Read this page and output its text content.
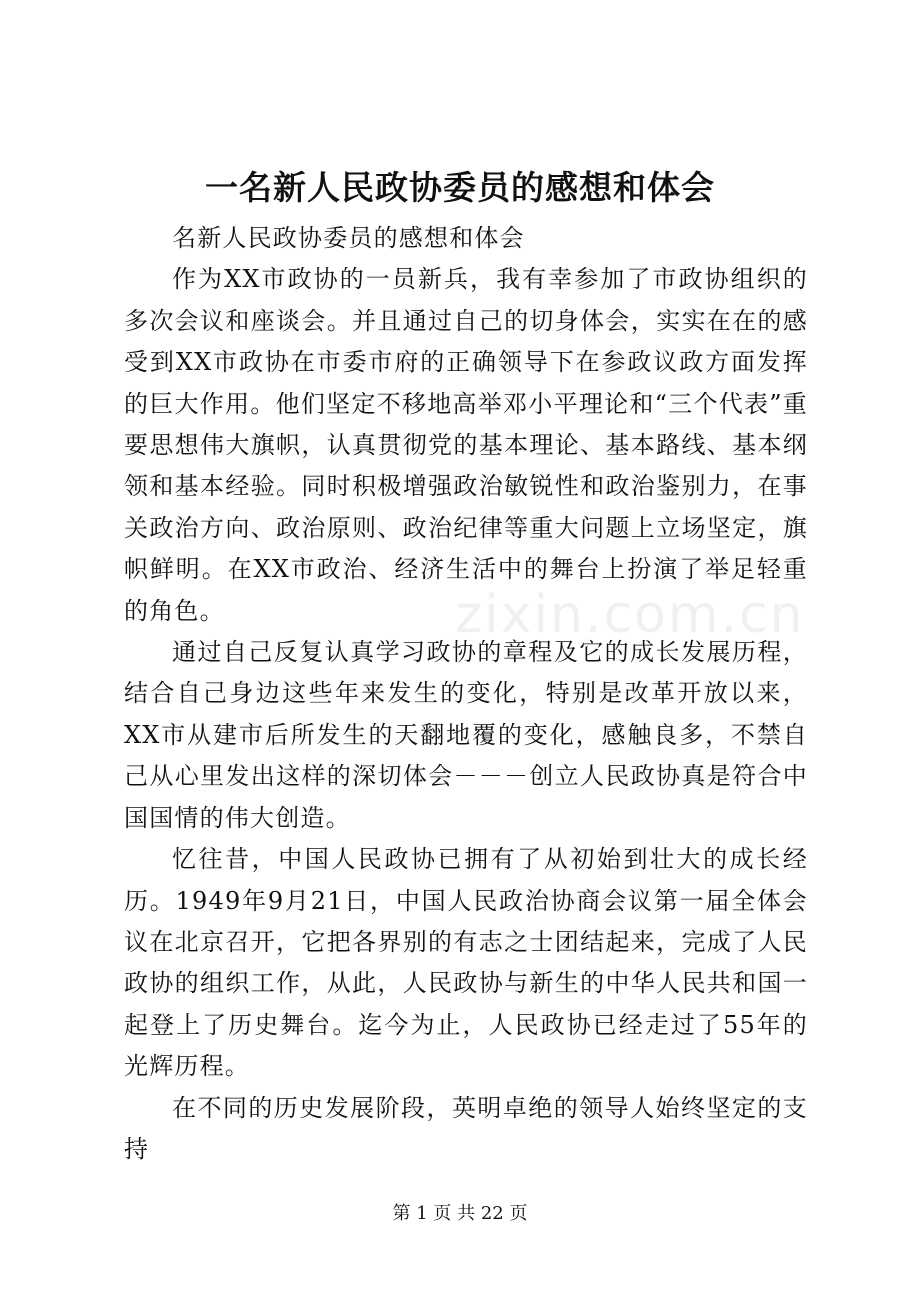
一名新人民政协委员的感想和体会

名新人民政协委员的感想和体会

作为XX市政协的一员新兵，我有幸参加了市政协组织的多次会议和座谈会。并且通过自己的切身体会，实实在在的感受到XX市政协在市委市府的正确领导下在参政议政方面发挥的巨大作用。他们坚定不移地高举邓小平理论和“三个代表”重要思想伟大旗帜，认真贯彻党的基本理论、基本路线、基本纲领和基本经验。同时积极增强政治敏锐性和政治鉴别力，在事关政治方向、政治原则、政治纪律等重大问题上立场坚定，旗帜鲜明。在XX市政治、经济生活中的舞台上扮演了举足轻重的角色。

通过自己反复认真学习政协的章程及它的成长发展历程，结合自己身边这些年来发生的变化，特别是改革开放以来，XX市从建市后所发生的天翻地覆的变化，感触良多，不禁自己从心里发出这样的深切体会－－－创立人民政协真是符合中国国情的伟大创造。

忆往昔，中国人民政协已拥有了从初始到壮大的成长经历。1949年9月21日，中国人民政治协商会议第一届全体会议在北京召开，它把各界别的有志之士团结起来，完成了人民政协的组织工作，从此，人民政协与新生的中华人民共和国一起登上了历史舞台。迄今为止，人民政协已经走过了55年的光辉历程。

在不同的历史发展阶段，英明卓绝的领导人始终坚定的支持

zixin.com.cn
第 1 页 共 22 页
